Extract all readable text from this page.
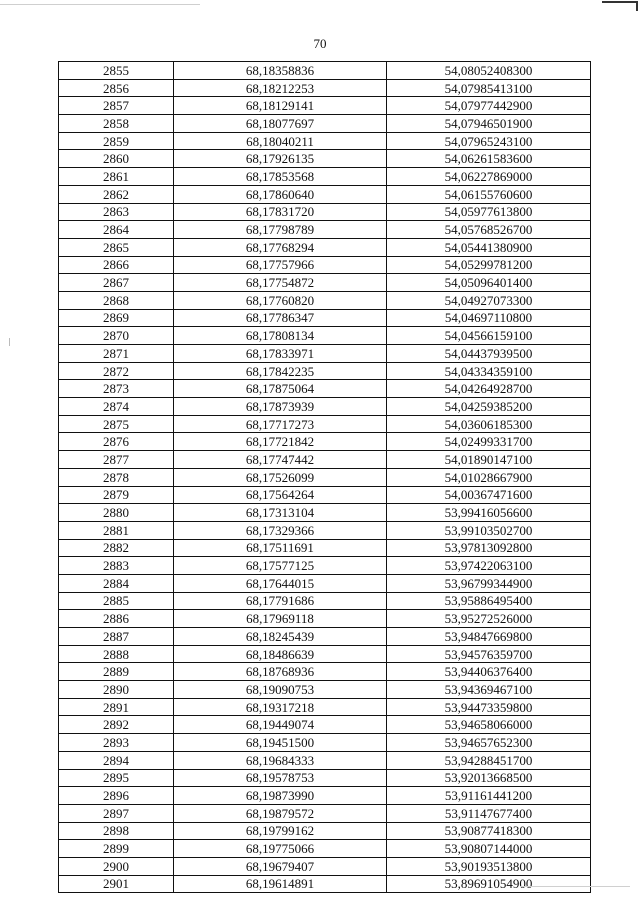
70
2855	68,18358836	54,08052408300
2856	68,18212253	54,07985413100
2857	68,18129141	54,07977442900
2858	68,18077697	54,07946501900
2859	68,18040211	54,07965243100
2860	68,17926135	54,06261583600
2861	68,17853568	54,06227869000
2862	68,17860640	54,06155760600
2863	68,17831720	54,05977613800
2864	68,17798789	54,05768526700
2865	68,17768294	54,05441380900
2866	68,17757966	54,05299781200
2867	68,17754872	54,05096401400
2868	68,17760820	54,04927073300
2869	68,17786347	54,04697110800
2870	68,17808134	54,04566159100
2871	68,17833971	54,04437939500
2872	68,17842235	54,04334359100
2873	68,17875064	54,04264928700
2874	68,17873939	54,04259385200
2875	68,17717273	54,03606185300
2876	68,17721842	54,02499331700
2877	68,17747442	54,01890147100
2878	68,17526099	54,01028667900
2879	68,17564264	54,00367471600
2880	68,17313104	53,99416056600
2881	68,17329366	53,99103502700
2882	68,17511691	53,97813092800
2883	68,17577125	53,97422063100
2884	68,17644015	53,96799344900
2885	68,17791686	53,95886495400
2886	68,17969118	53,95272526000
2887	68,18245439	53,94847669800
2888	68,18486639	53,94576359700
2889	68,18768936	53,94406376400
2890	68,19090753	53,94369467100
2891	68,19317218	53,94473359800
2892	68,19449074	53,94658066000
2893	68,19451500	53,94657652300
2894	68,19684333	53,94288451700
2895	68,19578753	53,92013668500
2896	68,19873990	53,91161441200
2897	68,19879572	53,91147677400
2898	68,19799162	53,90877418300
2899	68,19775066	53,90807144000
2900	68,19679407	53,90193513800
2901	68,19614891	53,89691054900
